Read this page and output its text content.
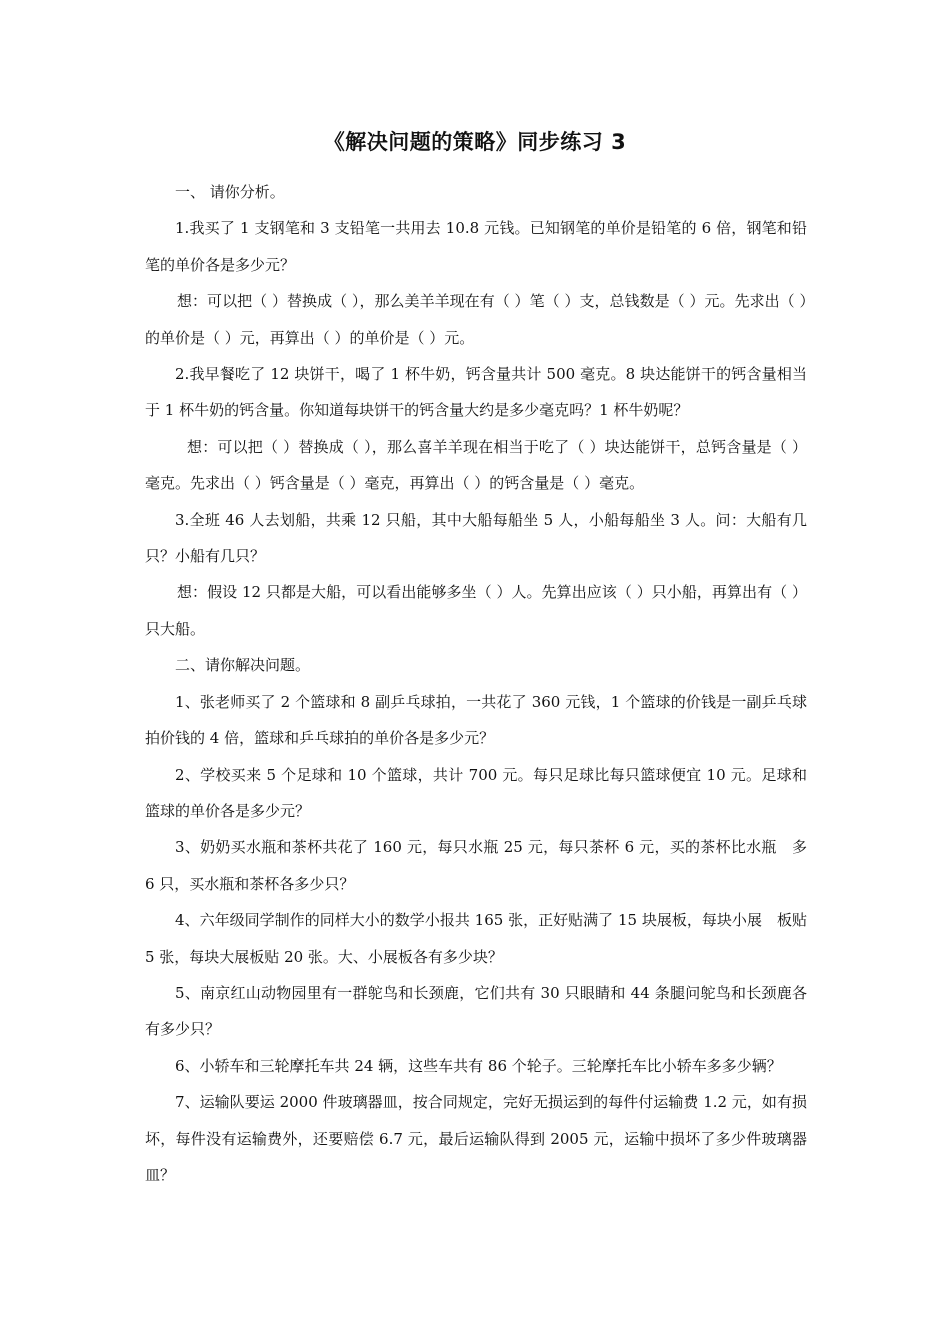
《解决问题的策略》同步练习 3

一、 请你分析。

1.我买了 1 支钢笔和 3 支铅笔一共用去 10.8 元钱。已知钢笔的单价是铅笔的 6 倍，钢笔和铅笔的单价各是多少元？

想：可以把（ ）替换成（ ），那么美羊羊现在有（ ）笔（ ）支，总钱数是（ ）元。先求出（ ）的单价是（ ）元，再算出（ ）的单价是（ ）元。

2.我早餐吃了 12 块饼干，喝了 1 杯牛奶，钙含量共计 500 毫克。8 块达能饼干的钙含量相当于 1 杯牛奶的钙含量。你知道每块饼干的钙含量大约是多少毫克吗？1 杯牛奶呢？

想：可以把（ ）替换成（ ），那么喜羊羊现在相当于吃了（ ）块达能饼干，总钙含量是（ ）毫克。先求出（ ）钙含量是（ ）毫克，再算出（ ）的钙含量是（ ）毫克。

3.全班 46 人去划船，共乘 12 只船，其中大船每船坐 5 人，小船每船坐 3 人。问：大船有几只？小船有几只？

想：假设 12 只都是大船，可以看出能够多坐（ ）人。先算出应该（ ）只小船，再算出有（ ）只大船。

二、请你解决问题。

1、张老师买了 2 个篮球和 8 副乒乓球拍，一共花了 360 元钱，1 个篮球的价钱是一副乒乓球拍价钱的 4 倍，篮球和乒乓球拍的单价各是多少元？

2、学校买来 5 个足球和 10 个篮球，共计 700 元。每只足球比每只篮球便宜 10 元。足球和篮球的单价各是多少元？

3、奶奶买水瓶和茶杯共花了 160 元，每只水瓶 25 元，每只茶杯 6 元，买的茶杯比水瓶　多 6 只，买水瓶和茶杯各多少只？

4、六年级同学制作的同样大小的数学小报共 165 张，正好贴满了 15 块展板，每块小展　板贴 5 张，每块大展板贴 20 张。大、小展板各有多少块？

5、南京红山动物园里有一群鸵鸟和长颈鹿，它们共有 30 只眼睛和 44 条腿问鸵鸟和长颈鹿各有多少只？

6、小轿车和三轮摩托车共 24 辆，这些车共有 86 个轮子。三轮摩托车比小轿车多多少辆？

7、运输队要运 2000 件玻璃器皿，按合同规定，完好无损运到的每件付运输费 1.2 元，如有损坏，每件没有运输费外，还要赔偿 6.7 元，最后运输队得到 2005 元，运输中损坏了多少件玻璃器皿？
